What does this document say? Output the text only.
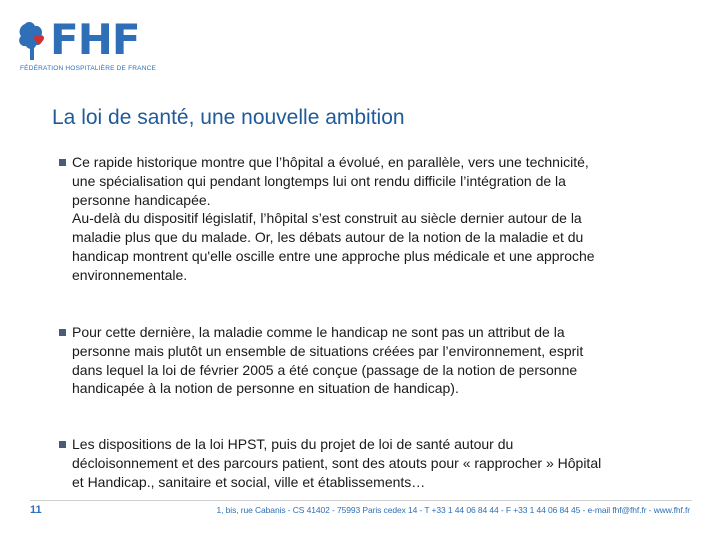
FHF
FÉDÉRATION HOSPITALIÈRE DE FRANCE
La loi de santé, une nouvelle ambition
Ce rapide historique montre que l’hôpital a évolué, en parallèle, vers une technicité,
une spécialisation qui pendant longtemps lui ont rendu difficile l’intégration de la
personne handicapée.
Au-delà du dispositif législatif, l’hôpital s’est construit au siècle dernier autour de la
maladie plus que du malade. Or, les débats autour de la notion de la maladie et du
handicap montrent qu'elle oscille entre une approche plus médicale et une approche
environnementale.
Pour cette dernière, la maladie comme le handicap ne sont pas un attribut de la
personne mais plutôt un ensemble de situations créées par l’environnement, esprit
dans lequel la loi de février 2005 a été conçue (passage de la notion de personne
handicapée à la notion de personne en situation de handicap).
Les dispositions de la loi HPST, puis du projet de loi de santé autour du
décloisonnement et des parcours patient, sont des atouts pour « rapprocher » Hôpital
et Handicap., sanitaire et social, ville et établissements…
11	1, bis, rue Cabanis - CS 41402 - 75993 Paris cedex 14 - T +33 1 44 06 84 44 - F +33 1 44 06 84 45 - e-mail fhf@fhf.fr - www.fhf.fr
